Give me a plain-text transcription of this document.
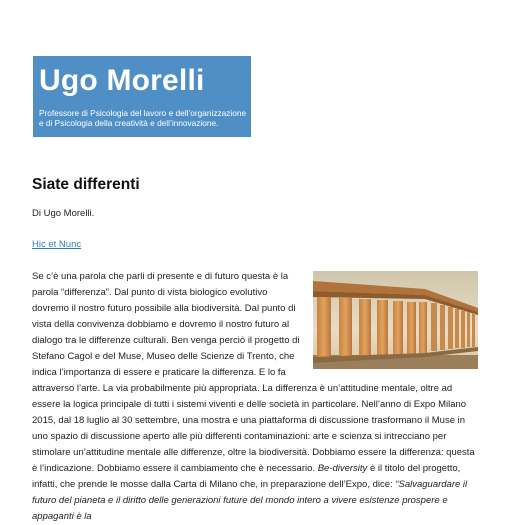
Ugo Morelli
Professore di Psicologia del lavoro e dell’organizzazione
e di Psicologia della creatività e dell’innovazione.
Siate differenti
Di Ugo Morelli.
Hic et Nunc

Se c’è una parola che parli di presente e di futuro questa è la parola “differenza”. Dal punto di vista biologico evolutivo dovremo il nostro futuro possibile alla biodiversità. Dal punto di vista della convivenza dobbiamo e dovremo il nostro futuro al dialogo tra le differenze culturali. Ben venga perciò il progetto di Stefano Cagol e del Muse, Museo delle Scienze di Trento, che indica l’importanza di essere e praticare la differenza. E lo fa attraverso l’arte. La via probabilmente più appropriata. La differenza è un’attitudine mentale, oltre ad essere la logica principale di tutti i sistemi viventi e delle società in particolare. Nell’anno di Expo Milano 2015, dal 18 luglio al 30 settembre, una mostra e una piattaforma di discussione trasformano il Muse in uno spazio di discussione aperto alle più differenti contaminazioni: arte e scienza si intrecciano per stimolare un’attitudine mentale alle differenze, oltre la biodiversità. Dobbiamo essere la differenza: questa è l’indicazione. Dobbiamo essere il cambiamento che è necessario. Be-diversity è il titolo del progetto, infatti, che prende le mosse dalla Carta di Milano che, in preparazione dell’Expo, dice: “Salvaguardare il futuro del pianeta e il diritto delle generazioni future del mondo intero a vivere esistenze prospere e appaganti è la
